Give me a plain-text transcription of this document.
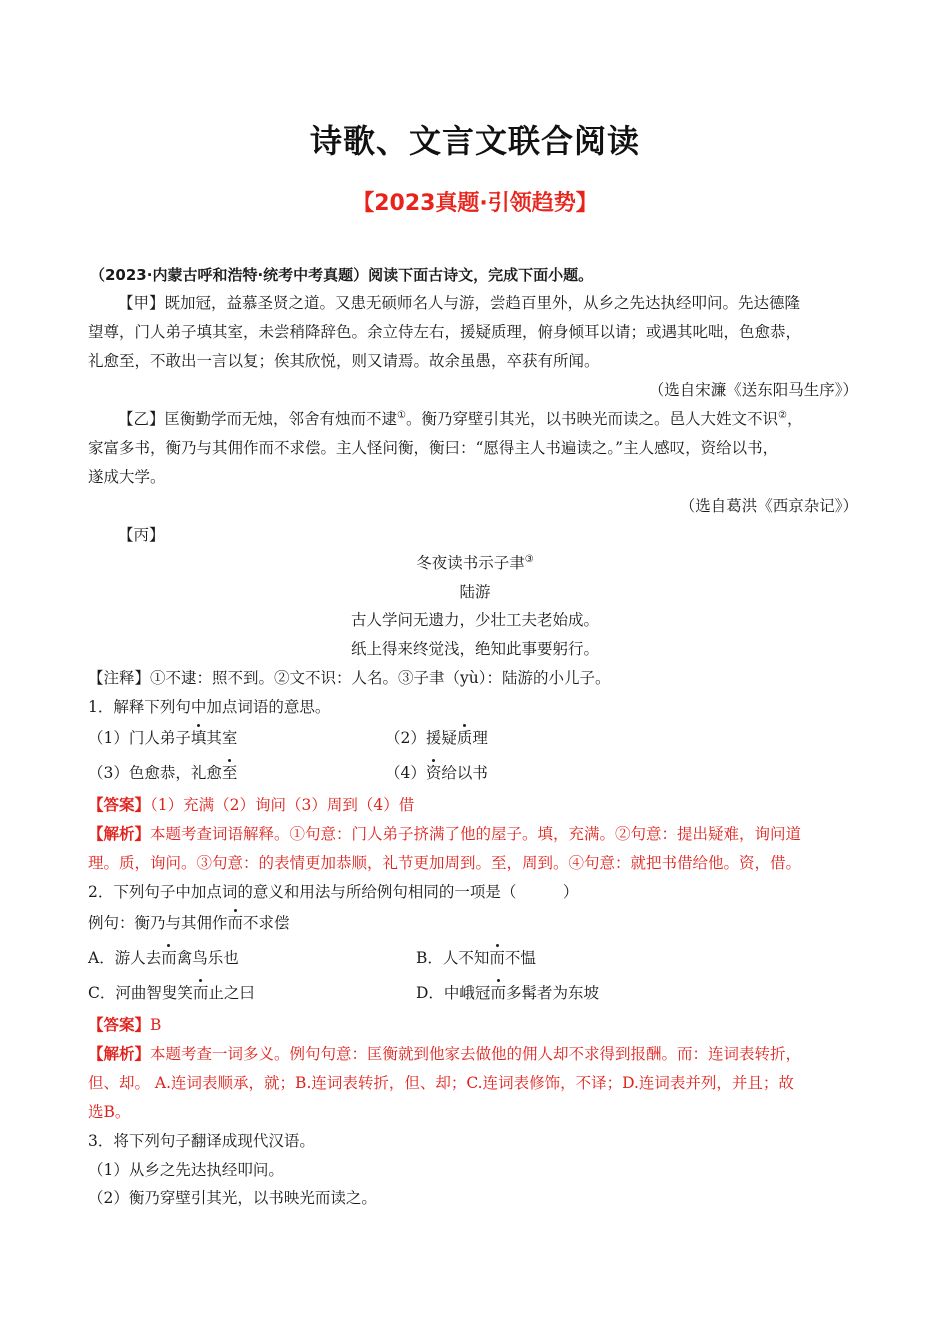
诗歌、文言文联合阅读
【2023真题·引领趋势】
（2023·内蒙古呼和浩特·统考中考真题）阅读下面古诗文，完成下面小题。
【甲】既加冠，益慕圣贤之道。又患无硕师名人与游，尝趋百里外，从乡之先达执经叩问。先达德隆
望尊，门人弟子填其室，未尝稍降辞色。余立侍左右，援疑质理，俯身倾耳以请；或遇其叱咄，色愈恭，
礼愈至，不敢出一言以复；俟其欣悦，则又请焉。故余虽愚，卒获有所闻。
（选自宋濂《送东阳马生序》）
【乙】匡衡勤学而无烛，邻舍有烛而不逮①。衡乃穿壁引其光，以书映光而读之。邑人大姓文不识②，
家富多书，衡乃与其佣作而不求偿。主人怪问衡，衡曰：“愿得主人书遍读之。”主人感叹，资给以书，
遂成大学。
（选自葛洪《西京杂记》）
【丙】
冬夜读书示子聿③
陆游
古人学问无遗力，少壮工夫老始成。
纸上得来终觉浅，绝知此事要躬行。
【注释】①不逮：照不到。②文不识：人名。③子聿（yù）：陆游的小儿子。
1．解释下列句中加点词语的意思。
（1）门人弟子填其室	（2）援疑质理
（3）色愈恭，礼愈至	（4）资给以书
【答案】（1）充满（2）询问（3）周到（4）借
【解析】本题考查词语解释。①句意：门人弟子挤满了他的屋子。填，充满。②句意：提出疑难，询问道
理。质，询问。③句意：的表情更加恭顺，礼节更加周到。至，周到。④句意：就把书借给他。资，借。
2．下列句子中加点词的意义和用法与所给例句相同的一项是（　　　）
例句：衡乃与其佣作而不求偿
A．游人去而禽鸟乐也	B．人不知而不愠
C．河曲智叟笑而止之曰	D．中峨冠而多髯者为东坡
【答案】B
【解析】本题考查一词多义。例句句意：匡衡就到他家去做他的佣人却不求得到报酬。而：连词表转折，
但、却。 A.连词表顺承，就；B.连词表转折，但、却；C.连词表修饰，不译；D.连词表并列，并且；故
选B。
3．将下列句子翻译成现代汉语。
（1）从乡之先达执经叩问。
（2）衡乃穿壁引其光，以书映光而读之。
